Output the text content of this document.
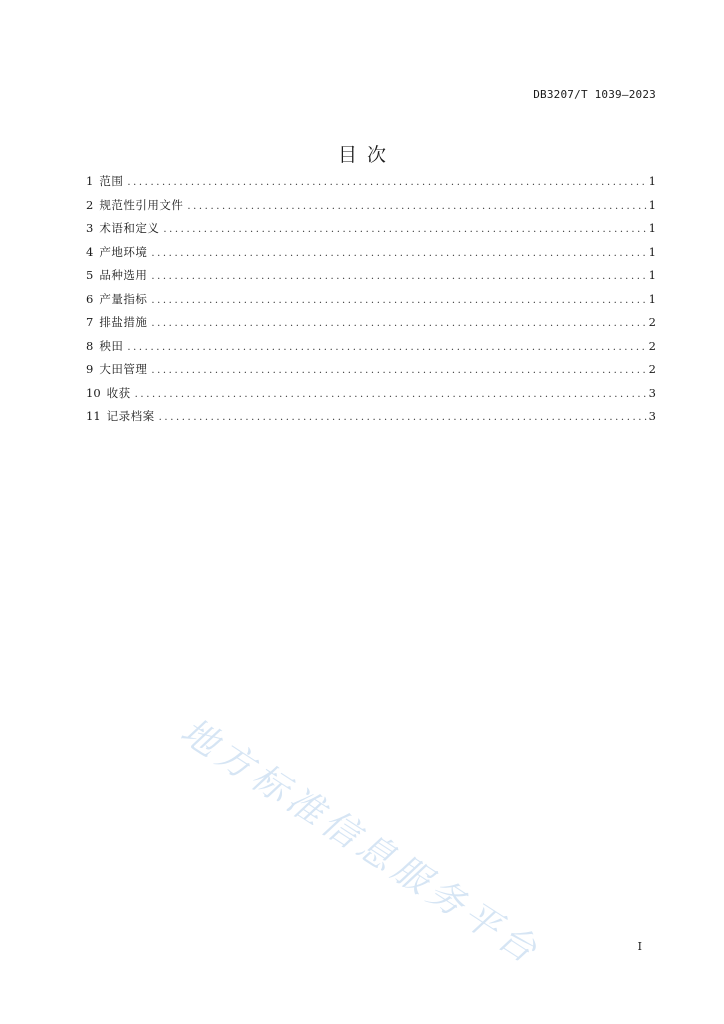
DB3207/T 1039—2023
目次
1 范围 .....	1
2 规范性引用文件 .....	1
3 术语和定义 .....	1
4 产地环境 .....	1
5 品种选用 .....	1
6 产量指标 .....	1
7 排盐措施 .....	2
8 秧田 .....	2
9 大田管理 .....	2
10 收获 .....	3
11 记录档案 .....	3
地方标准信息服务平台	I
